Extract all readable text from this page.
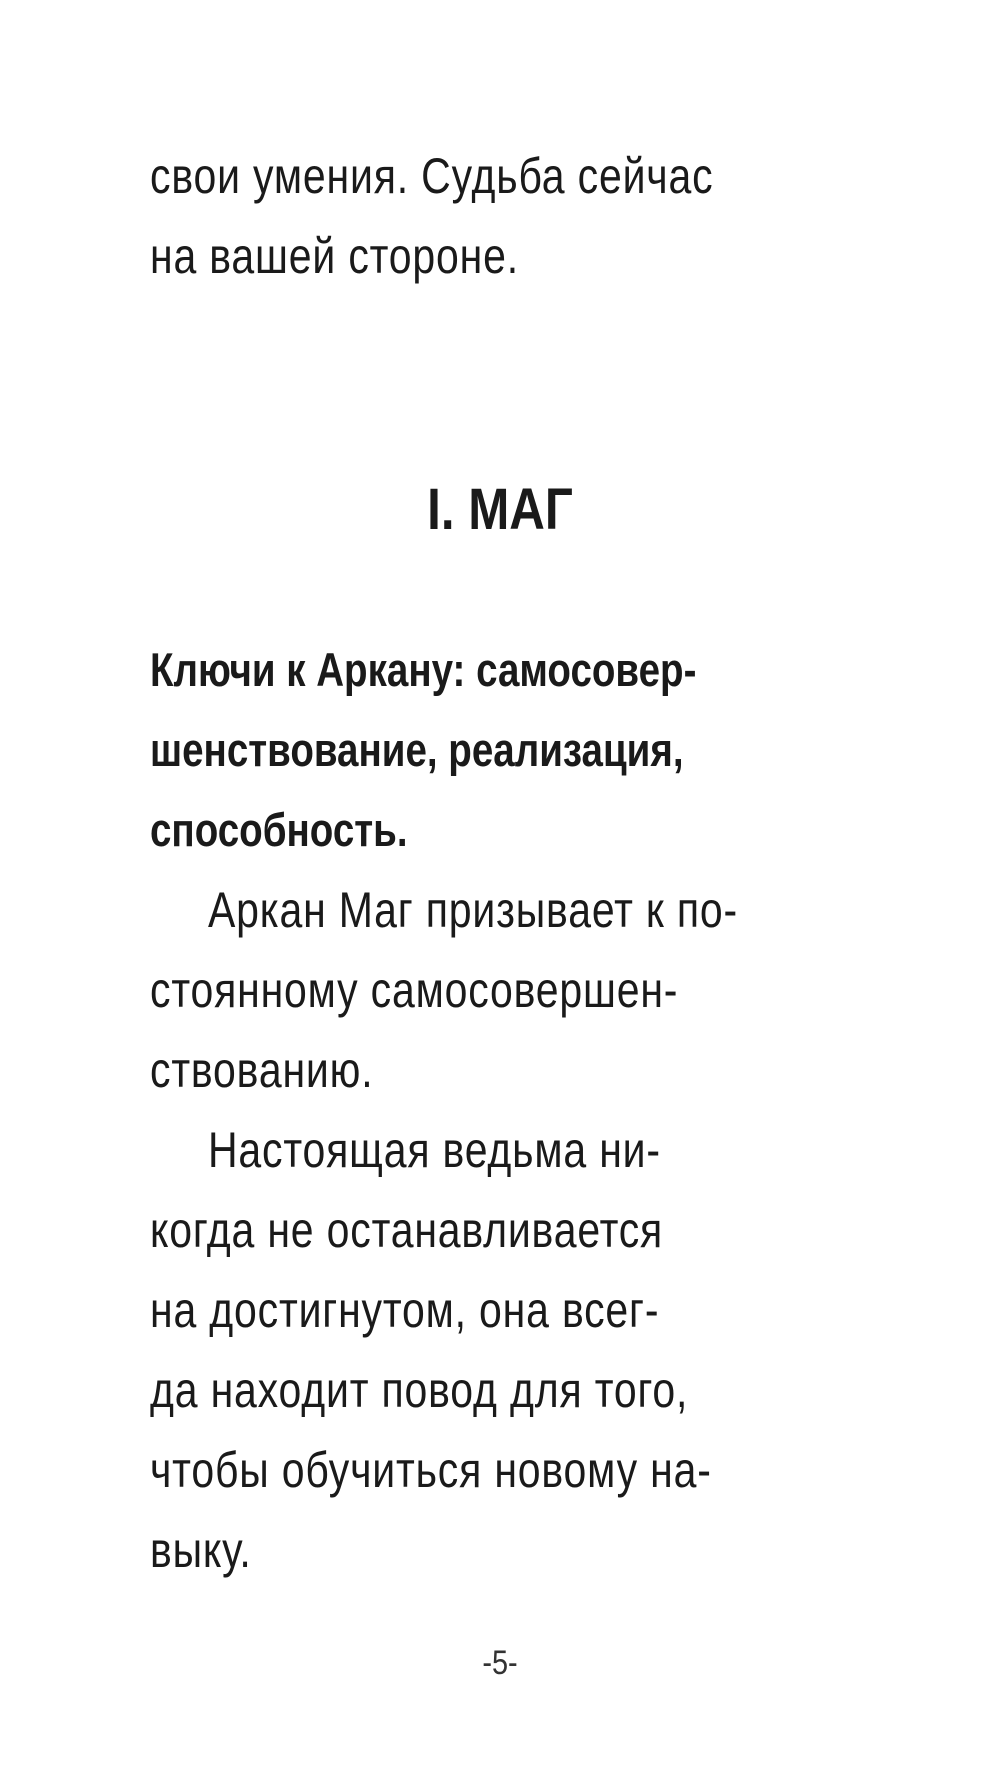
свои умения. Судьба сейчас
на вашей стороне.
I. МАГ
Ключи к Аркану: самосовер-
шенствование, реализация,
способность.
Аркан Маг призывает к по-
стоянному самосовершен-
ствованию.
Настоящая ведьма ни-
когда не останавливается
на достигнутом, она всег-
да находит повод для того,
чтобы обучиться новому на-
выку.
-5-
